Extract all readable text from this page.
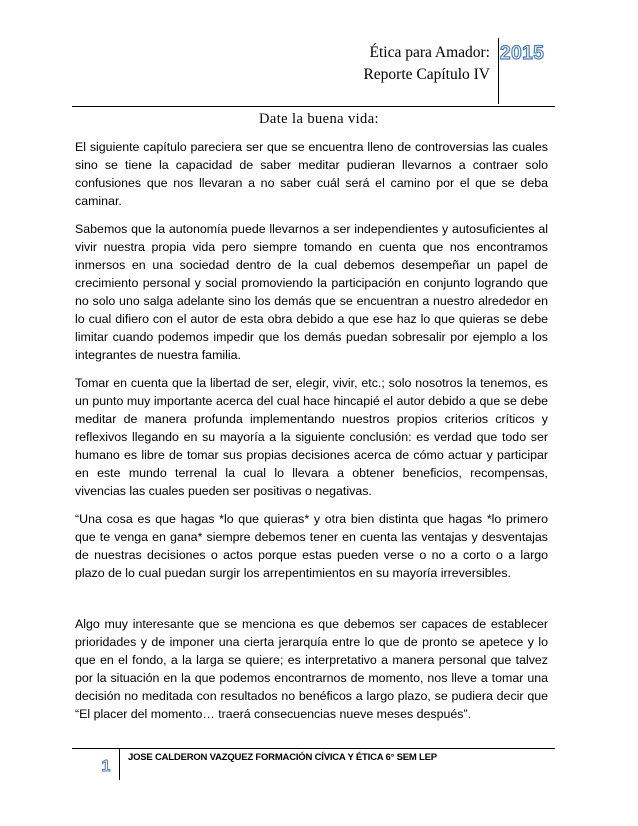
Ética para Amador:
Reporte Capítulo IV
2015
Date la buena vida:

El siguiente capítulo pareciera ser que se encuentra lleno de controversias las cuales sino se tiene la capacidad de saber meditar pudieran llevarnos a contraer solo confusiones que nos llevaran a no saber cuál será el camino por el que se deba caminar.

Sabemos que la autonomía puede llevarnos a ser independientes y autosuficientes al vivir nuestra propia vida pero siempre tomando en cuenta que nos encontramos inmersos en una sociedad dentro de la cual debemos desempeñar un papel de crecimiento personal y social promoviendo la participación en conjunto logrando que no solo uno salga adelante sino los demás que se encuentran a nuestro alrededor en lo cual difiero con el autor de esta obra debido a que ese haz lo que quieras se debe limitar cuando podemos impedir que los demás puedan sobresalir por ejemplo a los integrantes de nuestra familia.

Tomar en cuenta que la libertad de ser, elegir, vivir, etc.; solo nosotros la tenemos, es un punto muy importante acerca del cual hace hincapié el autor debido a que se debe meditar de manera profunda implementando nuestros propios criterios críticos y reflexivos llegando en su mayoría a la siguiente conclusión: es verdad que todo ser humano es libre de tomar sus propias decisiones acerca de cómo actuar y participar en este mundo terrenal la cual lo llevara a obtener beneficios, recompensas, vivencias las cuales pueden ser positivas o negativas.

“Una cosa es que hagas *lo que quieras* y otra bien distinta que hagas *lo primero que te venga en gana* siempre debemos tener en cuenta las ventajas y desventajas de nuestras decisiones o actos porque estas pueden verse o no a corto o a largo plazo de lo cual puedan surgir los arrepentimientos en su mayoría irreversibles.

Algo muy interesante que se menciona es que debemos ser capaces de establecer prioridades y de imponer una cierta jerarquía entre lo que de pronto se apetece y lo que en el fondo, a la larga se quiere; es interpretativo a manera personal que talvez por la situación en la que podemos encontrarnos de momento, nos lleve a tomar una decisión no meditada con resultados no benéficos a largo plazo, se pudiera decir que “El placer del momento… traerá consecuencias nueve meses después”.

1
JOSE CALDERON VAZQUEZ FORMACIÓN CÍVICA Y ÉTICA 6° SEM LEP
